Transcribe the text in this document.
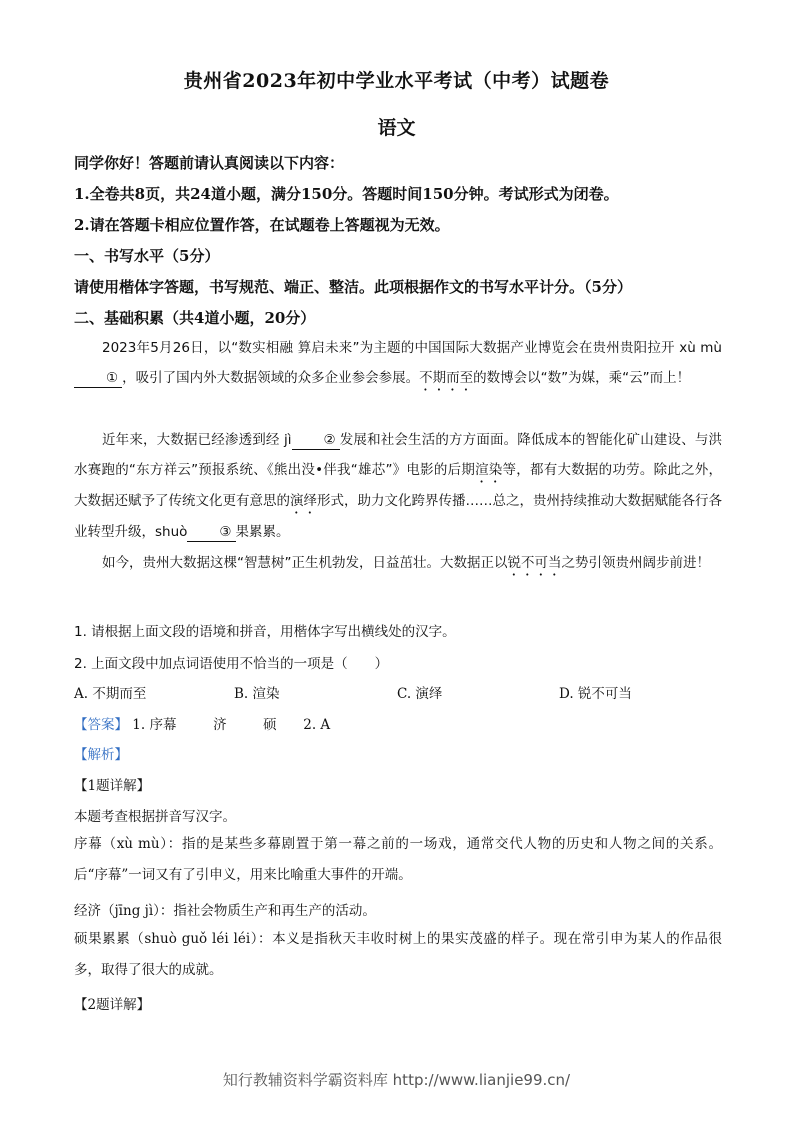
贵州省2023年初中学业水平考试（中考）试题卷
语文
同学你好！答题前请认真阅读以下内容：
1.全卷共8页，共24道小题，满分150分。答题时间150分钟。考试形式为闭卷。
2.请在答题卡相应位置作答，在试题卷上答题视为无效。
一、书写水平（5分）
请使用楷体字答题，书写规范、端正、整洁。此项根据作文的书写水平计分。（5分）
二、基础积累（共4道小题，20分）
2023年5月26日，以“数实相融 算启未来”为主题的中国国际大数据产业博览会在贵州贵阳拉开 xù mù① ，吸引了国内外大数据领域的众多企业参会参展。不期而至的数博会以“数”为媒，乘“云”而上！
近年来，大数据已经渗透到经 jì ② 发展和社会生活的方方面面。降低成本的智能化矿山建设、与洪水赛跑的“东方祥云”预报系统、《熊出没•伴我“雄芯”》电影的后期渲染等，都有大数据的功劳。除此之外，大数据还赋予了传统文化更有意思的演绎形式，助力文化跨界传播……总之，贵州持续推动大数据赋能各行各业转型升级，shuò ③ 果累累。
如今，贵州大数据这棵“智慧树”正生机勃发，日益茁壮。大数据正以锐不可当之势引领贵州阔步前进！
1. 请根据上面文段的语境和拼音，用楷体字写出横线处的汉字。
2. 上面文段中加点词语使用不恰当的一项是（　　）
A. 不期而至	B. 渲染	C. 演绎	D. 锐不可当
【答案】 1. 序幕	济	硕 2. A
【解析】
【1题详解】
本题考查根据拼音写汉字。
序幕（xù mù）：指的是某些多幕剧置于第一幕之前的一场戏，通常交代人物的历史和人物之间的关系。后“序幕”一词又有了引申义，用来比喻重大事件的开端。
经济（jīng jì）：指社会物质生产和再生产的活动。
硕果累累（shuò guǒ léi léi）：本义是指秋天丰收时树上的果实茂盛的样子。现在常引申为某人的作品很多，取得了很大的成就。
【2题详解】
知行教辅资料学霸资料库 http://www.lianjie99.cn/
